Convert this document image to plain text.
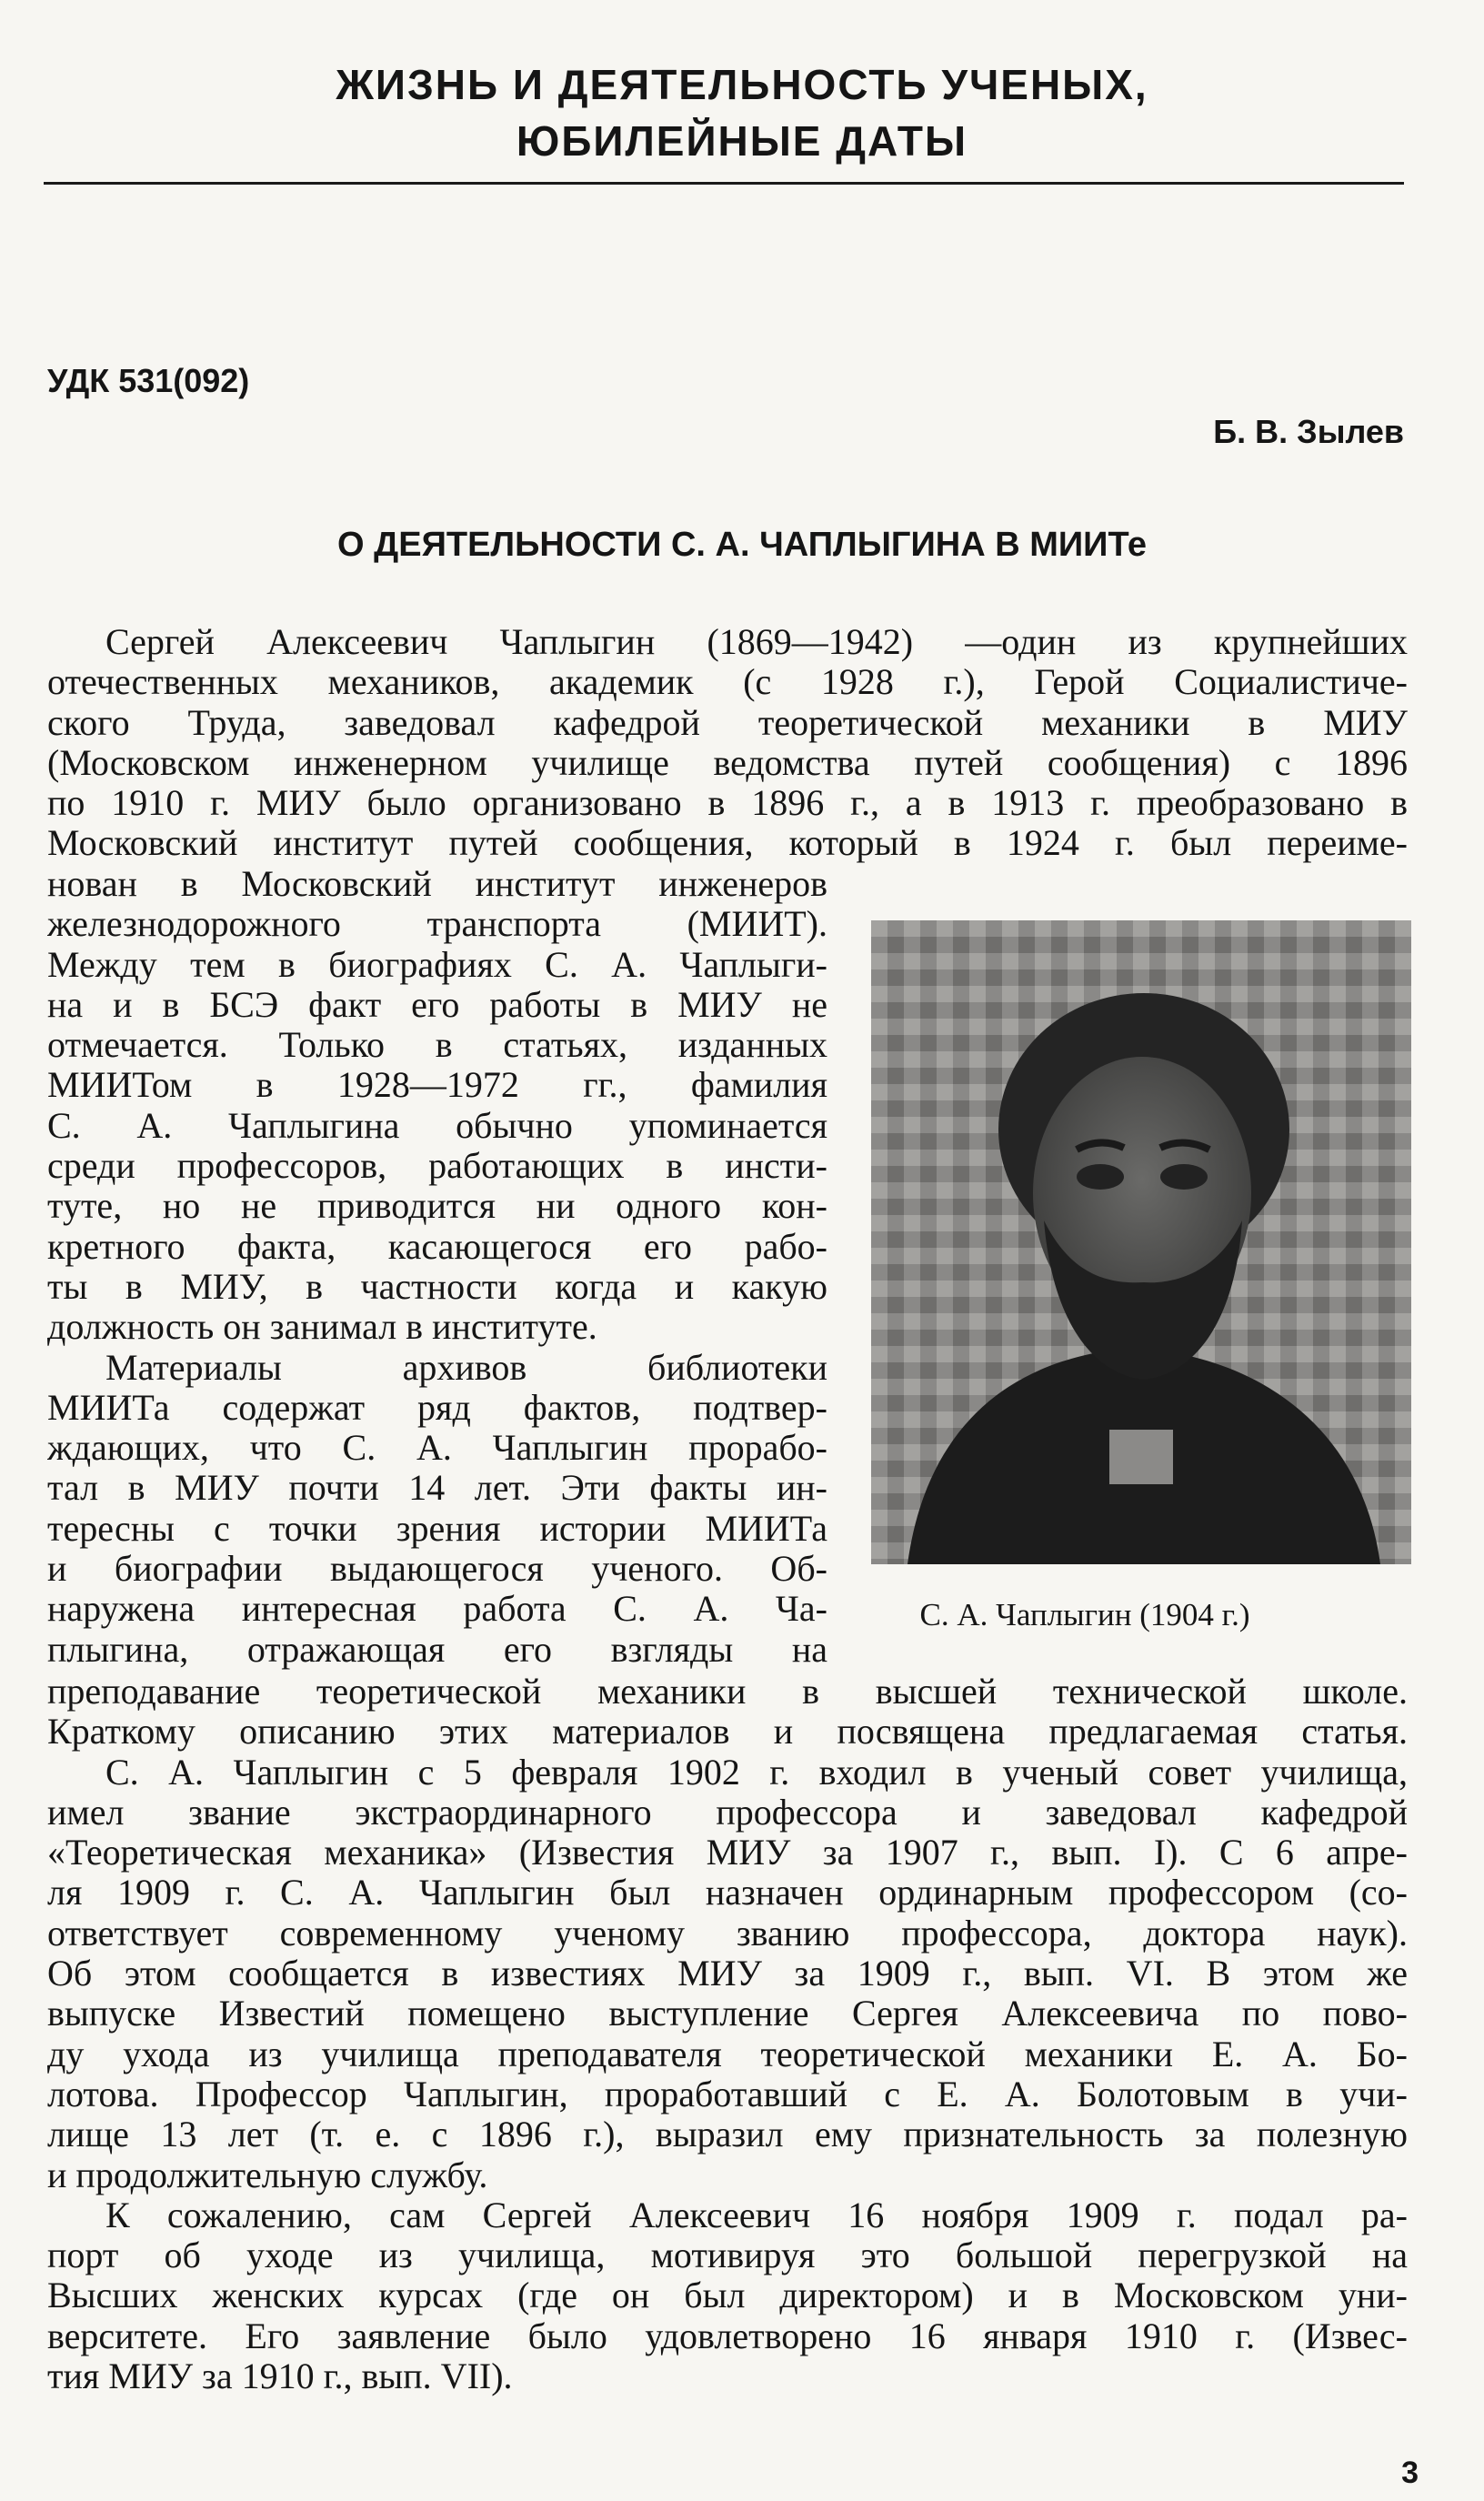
ЖИЗНЬ И ДЕЯТЕЛЬНОСТЬ УЧЕНЫХ,
ЮБИЛЕЙНЫЕ ДАТЫ
УДК 531(092)
Б. В. Зылев
О ДЕЯТЕЛЬНОСТИ С. А. ЧАПЛЫГИНА В МИИТе
Сергей Алексеевич Чаплыгин (1869—1942) —один из крупнейших
отечественных механиков, академик (с 1928 г.), Герой Социалистиче-
ского Труда, заведовал кафедрой теоретической механики в МИУ
(Московском инженерном училище ведомства путей сообщения) с 1896
по 1910 г. МИУ было организовано в 1896 г., а в 1913 г. преобразовано в
Московский институт путей сообщения, который в 1924 г. был переиме-
нован в Московский институт инженеров
железнодорожного транспорта (МИИТ).
Между тем в биографиях С. А. Чаплыги-
на и в БСЭ факт его работы в МИУ не
отмечается. Только в статьях, изданных
МИИТом в 1928—1972 гг., фамилия
С. А. Чаплыгина обычно упоминается
среди профессоров, работающих в инсти-
туте, но не приводится ни одного кон-
кретного факта, касающегося его рабо-
ты в МИУ, в частности когда и какую
должность он занимал в институте.
Материалы архивов библиотеки
МИИТа содержат ряд фактов, подтвер-
ждающих, что С. А. Чаплыгин прорабо-
тал в МИУ почти 14 лет. Эти факты ин-
тересны с точки зрения истории МИИТа
и биографии выдающегося ученого. Об-
наружена интересная работа С. А. Ча-
плыгина, отражающая его взгляды на
С. А. Чаплыгин (1904 г.)
преподавание теоретической механики в высшей технической школе.
Краткому описанию этих материалов и посвящена предлагаемая статья.
С. А. Чаплыгин с 5 февраля 1902 г. входил в ученый совет училища,
имел звание экстраординарного профессора и заведовал кафедрой
«Теоретическая механика» (Известия МИУ за 1907 г., вып. I). С 6 апре-
ля 1909 г. С. А. Чаплыгин был назначен ординарным профессором (со-
ответствует современному ученому званию профессора, доктора наук).
Об этом сообщается в известиях МИУ за 1909 г., вып. VI. В этом же
выпуске Известий помещено выступление Сергея Алексеевича по пово-
ду ухода из училища преподавателя теоретической механики Е. А. Бо-
лотова. Профессор Чаплыгин, проработавший с Е. А. Болотовым в учи-
лище 13 лет (т. е. с 1896 г.), выразил ему признательность за полезную
и продолжительную службу.
К сожалению, сам Сергей Алексеевич 16 ноября 1909 г. подал ра-
порт об уходе из училища, мотивируя это большой перегрузкой на
Высших женских курсах (где он был директором) и в Московском уни-
верситете. Его заявление было удовлетворено 16 января 1910 г. (Извес-
тия МИУ за 1910 г., вып. VII).
3
